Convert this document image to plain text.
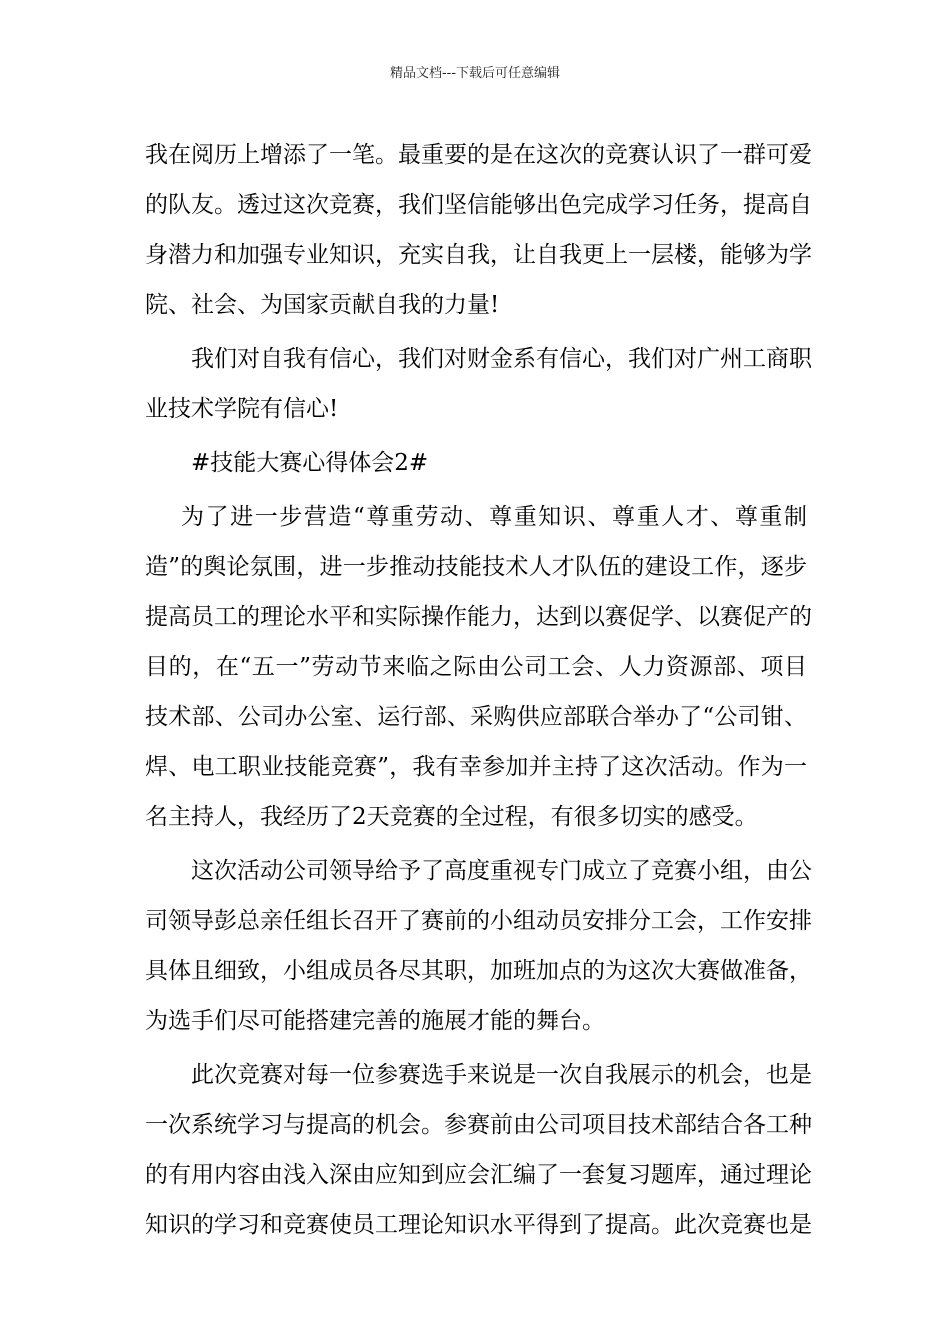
精品文档---下载后可任意编辑
我在阅历上增添了一笔。最重要的是在这次的竞赛认识了一群可爱
的队友。透过这次竞赛，我们坚信能够出色完成学习任务，提高自
身潜力和加强专业知识，充实自我，让自我更上一层楼，能够为学
院、社会、为国家贡献自我的力量!
我们对自我有信心，我们对财金系有信心，我们对广州工商职
业技术学院有信心!
#技能大赛心得体会2#
为了进一步营造“尊重劳动、尊重知识、尊重人才、尊重制
造”的舆论氛围，进一步推动技能技术人才队伍的建设工作，逐步
提高员工的理论水平和实际操作能力，达到以赛促学、以赛促产的
目的，在“五一”劳动节来临之际由公司工会、人力资源部、项目
技术部、公司办公室、运行部、采购供应部联合举办了“公司钳、
焊、电工职业技能竞赛”，我有幸参加并主持了这次活动。作为一
名主持人，我经历了2天竞赛的全过程，有很多切实的感受。
这次活动公司领导给予了高度重视专门成立了竞赛小组，由公
司领导彭总亲任组长召开了赛前的小组动员安排分工会，工作安排
具体且细致，小组成员各尽其职，加班加点的为这次大赛做准备，
为选手们尽可能搭建完善的施展才能的舞台。
此次竞赛对每一位参赛选手来说是一次自我展示的机会，也是
一次系统学习与提高的机会。参赛前由公司项目技术部结合各工种
的有用内容由浅入深由应知到应会汇编了一套复习题库，通过理论
知识的学习和竞赛使员工理论知识水平得到了提高。此次竞赛也是
